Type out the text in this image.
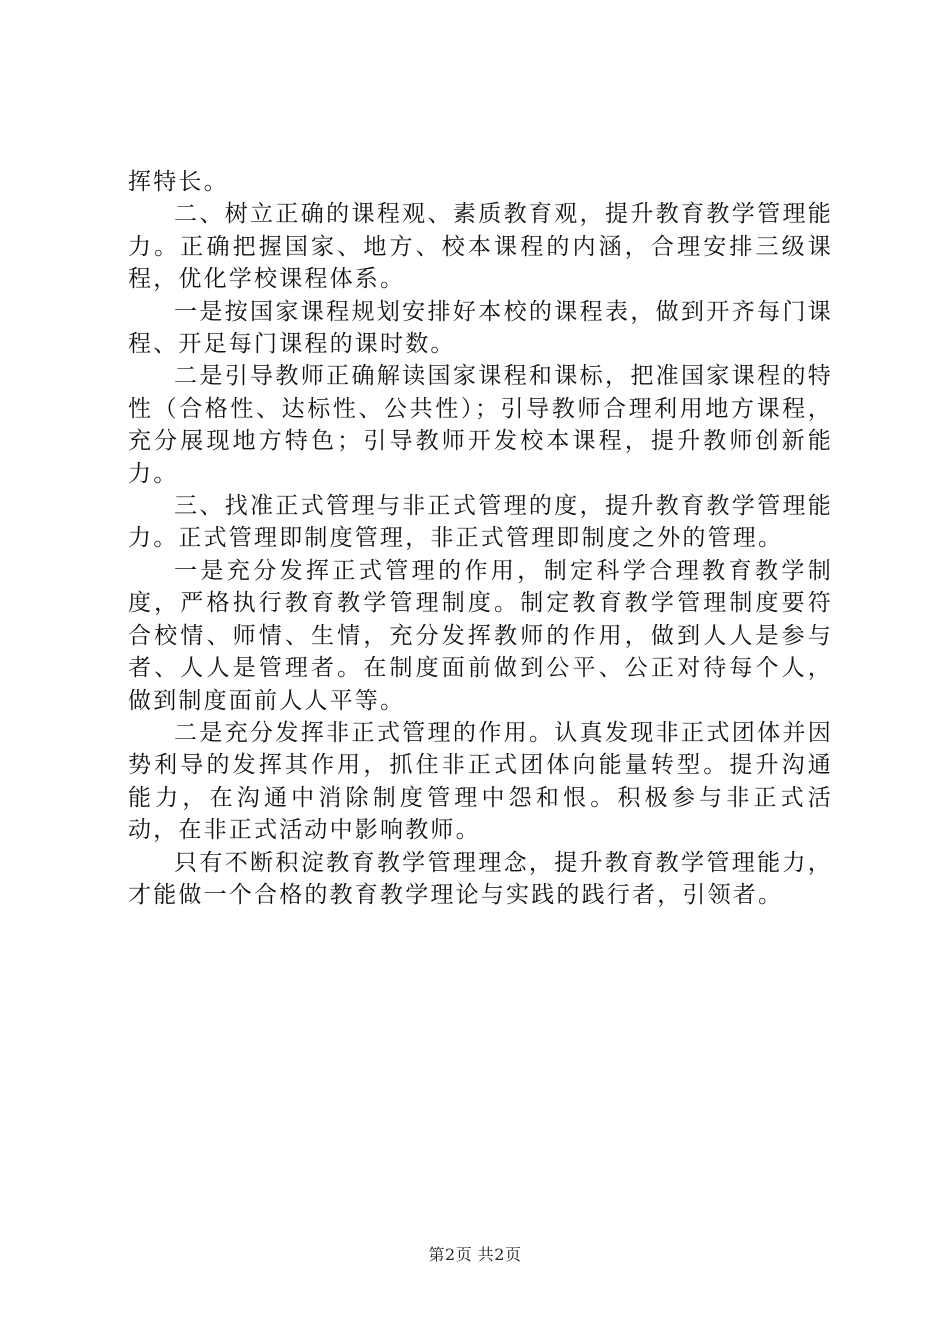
挥特长。

二、树立正确的课程观、素质教育观，提升教育教学管理能力。正确把握国家、地方、校本课程的内涵，合理安排三级课程，优化学校课程体系。

一是按国家课程规划安排好本校的课程表，做到开齐每门课程、开足每门课程的课时数。

二是引导教师正确解读国家课程和课标，把准国家课程的特性（合格性、达标性、公共性）；引导教师合理利用地方课程，充分展现地方特色；引导教师开发校本课程，提升教师创新能力。

三、找准正式管理与非正式管理的度，提升教育教学管理能力。正式管理即制度管理，非正式管理即制度之外的管理。

一是充分发挥正式管理的作用，制定科学合理教育教学制度，严格执行教育教学管理制度。制定教育教学管理制度要符合校情、师情、生情，充分发挥教师的作用，做到人人是参与者、人人是管理者。在制度面前做到公平、公正对待每个人，做到制度面前人人平等。

二是充分发挥非正式管理的作用。认真发现非正式团体并因势利导的发挥其作用，抓住非正式团体向能量转型。提升沟通能力，在沟通中消除制度管理中怨和恨。积极参与非正式活动，在非正式活动中影响教师。

只有不断积淀教育教学管理理念，提升教育教学管理能力，才能做一个合格的教育教学理论与实践的践行者，引领者。

第2页 共2页
